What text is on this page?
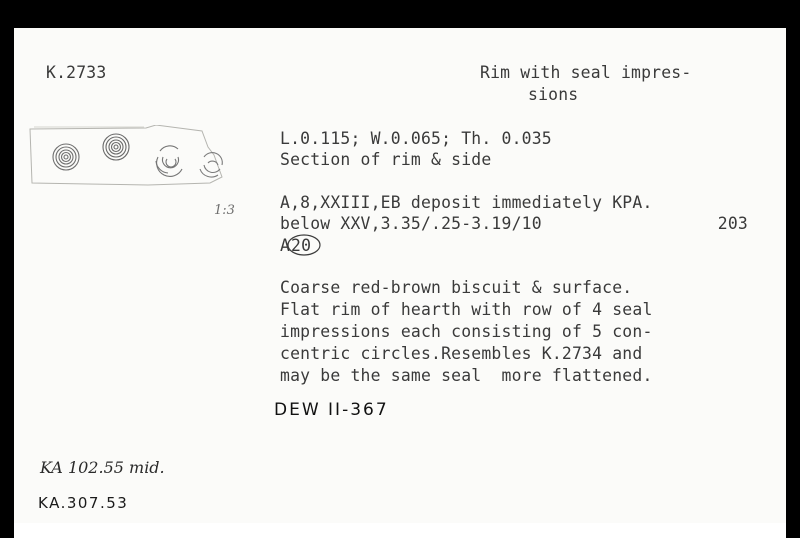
K.2733	Rim with seal impres-
sions
1:3
L.0.115; W.0.065; Th. 0.035
Section of rim & side
A,8,XXIII,EB deposit immediately KPA.
below XXV,3.35/.25-3.19/10	203
A 20
Coarse red-brown biscuit & surface.
Flat rim of hearth with row of 4 seal
impressions each consisting of 5 con-
centric circles.Resembles K.2734 and
may be the same seal  more flattened.
DEW II-367
KA 102.55 mid.
KA.307.53
